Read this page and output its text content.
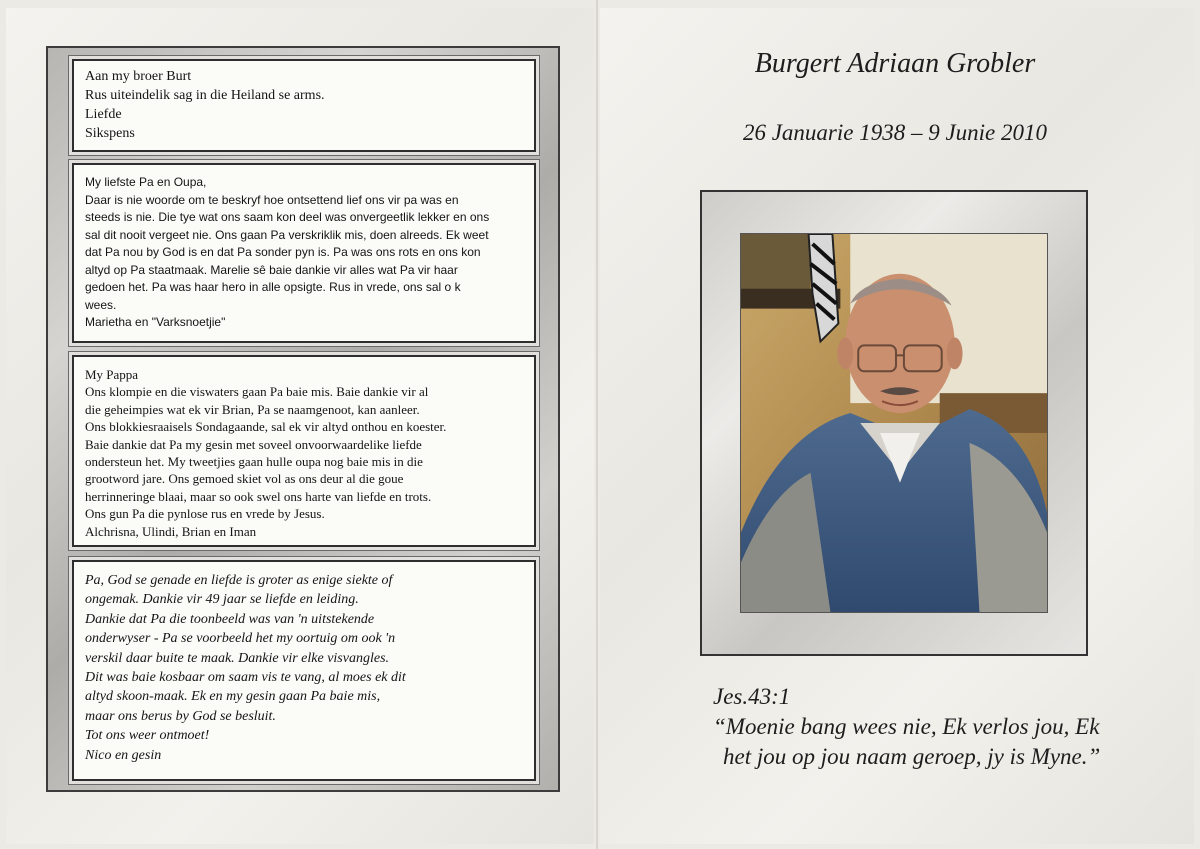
Aan my broer Burt
Rus uiteindelik sag in die Heiland se arms.
Liefde
Sikspens
My liefste Pa en Oupa,
Daar is nie woorde om te beskryf hoe ontsettend lief ons vir pa was en
steeds is nie. Die tye wat ons saam kon deel was onvergeetlik lekker en ons
sal dit nooit vergeet nie. Ons gaan Pa verskriklik mis, doen alreeds. Ek weet
dat Pa nou by God is en dat Pa sonder pyn is. Pa was ons rots en ons kon
altyd op Pa staatmaak. Marelie sê baie dankie vir alles wat Pa vir haar
gedoen het. Pa was haar hero in alle opsigte. Rus in vrede, ons sal o k
wees.
Marietha en "Varksnoetjie"
My Pappa
Ons klompie en die viswaters gaan Pa baie mis. Baie dankie vir al
die geheimpies wat ek vir Brian, Pa se naamgenoot, kan aanleer.
Ons blokkiesraaisels Sondagaande, sal ek vir altyd onthou en koester.
Baie dankie dat Pa my gesin met soveel onvoorwaardelike liefde
ondersteun het. My tweetjies gaan hulle oupa nog baie mis in die
grootword jare. Ons gemoed skiet vol as ons deur al die goue
herrinneringe blaai, maar so ook swel ons harte van liefde en trots.
Ons gun Pa die pynlose rus en vrede by Jesus.
Alchrisna, Ulindi, Brian en Iman
Pa, God se genade en liefde is groter as enige siekte of
ongemak. Dankie vir 49 jaar se liefde en leiding.
Dankie dat Pa die toonbeeld was van 'n uitstekende
onderwyser - Pa se voorbeeld het my oortuig om ook 'n
verskil daar buite te maak. Dankie vir elke visvangles.
Dit was baie kosbaar om saam vis te vang, al moes ek dit
altyd skoon-maak. Ek en my gesin gaan Pa baie mis,
maar ons berus by God se besluit.
Tot ons weer ontmoet!
Nico en gesin
Burgert Adriaan Grobler
26 Januarie 1938 – 9 Junie 2010
Jes.43:1
“Moenie bang wees nie, Ek verlos jou, Ek
het jou op jou naam geroep, jy is Myne.”
